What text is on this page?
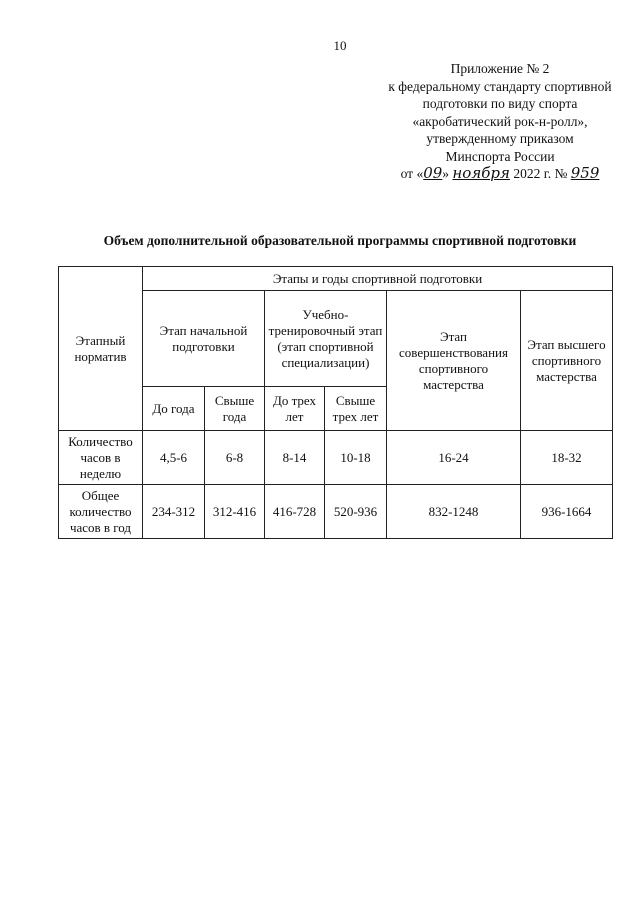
10
Приложение № 2
к федеральному стандарту спортивной
подготовки по виду спорта
«акробатический рок-н-ролл»,
утвержденному приказом
Минспорта России
от «09» ноября 2022 г. № 959
Объем дополнительной образовательной программы спортивной подготовки
Этапный норматив	Этапы и годы спортивной подготовки					
	Этап начальной подготовки		Учебно-тренировочный этап (этап спортивной специализации)		Этап совершенствования спортивного мастерства	Этап высшего спортивного мастерства
	До года	Свыше года	До трех лет	Свыше трех лет		
Количество часов в неделю	4,5-6	6-8	8-14	10-18	16-24	18-32
Общее количество часов в год	234-312	312-416	416-728	520-936	832-1248	936-1664
